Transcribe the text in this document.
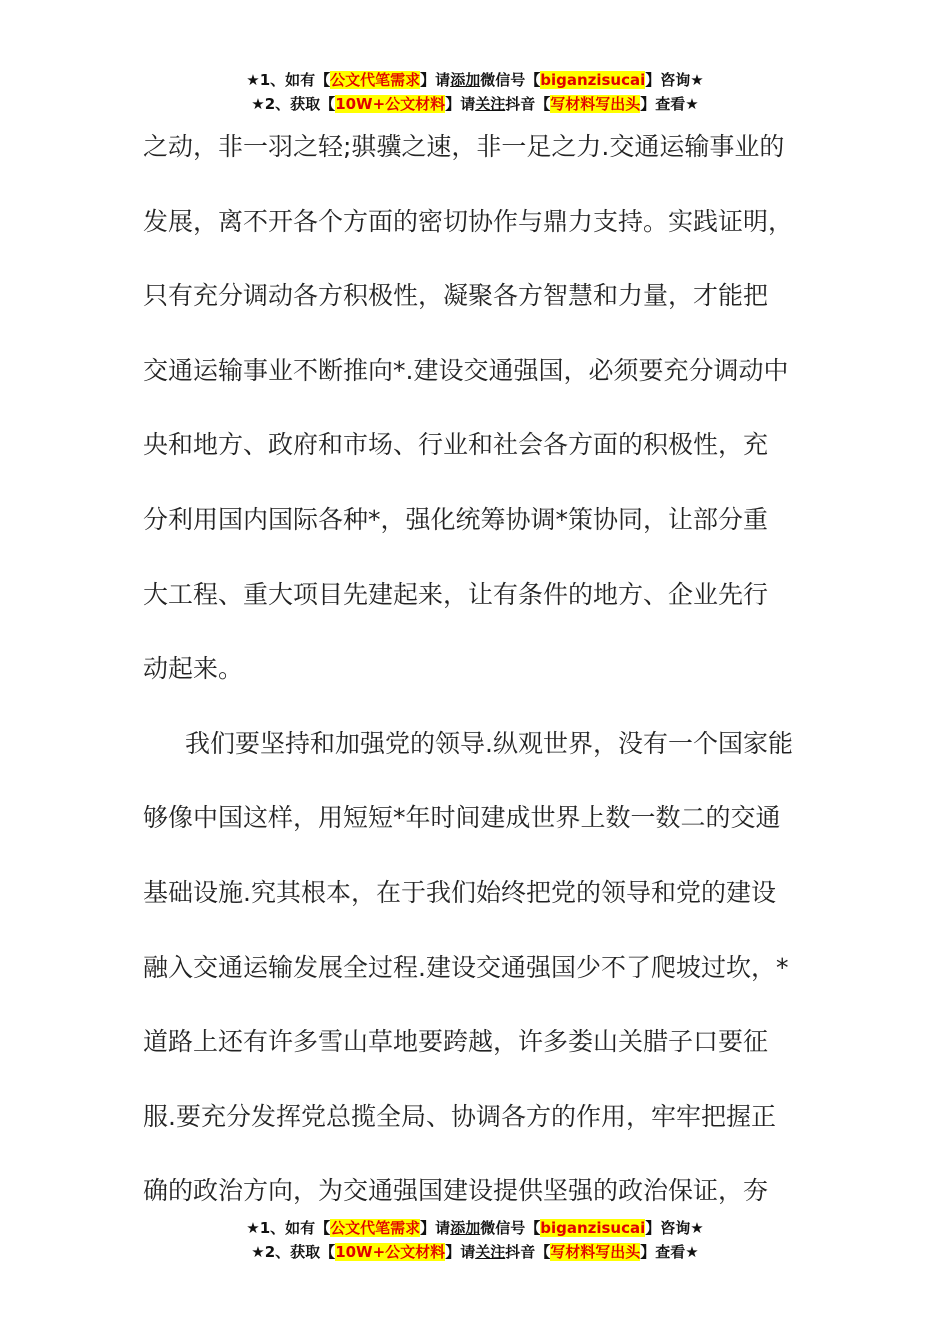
★1、如有【公文代笔需求】请添加微信号【biganzisucai】咨询★
★2、获取【10W+公文材料】请关注抖音【写材料写出头】查看★

之动，非一羽之轻;骐骥之速，非一足之力.交通运输事业的
发展，离不开各个方面的密切协作与鼎力支持。实践证明，
只有充分调动各方积极性，凝聚各方智慧和力量，才能把
交通运输事业不断推向*.建设交通强国，必须要充分调动中
央和地方、政府和市场、行业和社会各方面的积极性，充
分利用国内国际各种*，强化统筹协调*策协同，让部分重
大工程、重大项目先建起来，让有条件的地方、企业先行
动起来。

我们要坚持和加强党的领导.纵观世界，没有一个国家能
够像中国这样，用短短*年时间建成世界上数一数二的交通
基础设施.究其根本，在于我们始终把党的领导和党的建设
融入交通运输发展全过程.建设交通强国少不了爬坡过坎，*
道路上还有许多雪山草地要跨越，许多娄山关腊子口要征
服.要充分发挥党总揽全局、协调各方的作用，牢牢把握正
确的政治方向，为交通强国建设提供坚强的政治保证，夯

★1、如有【公文代笔需求】请添加微信号【biganzisucai】咨询★
★2、获取【10W+公文材料】请关注抖音【写材料写出头】查看★
